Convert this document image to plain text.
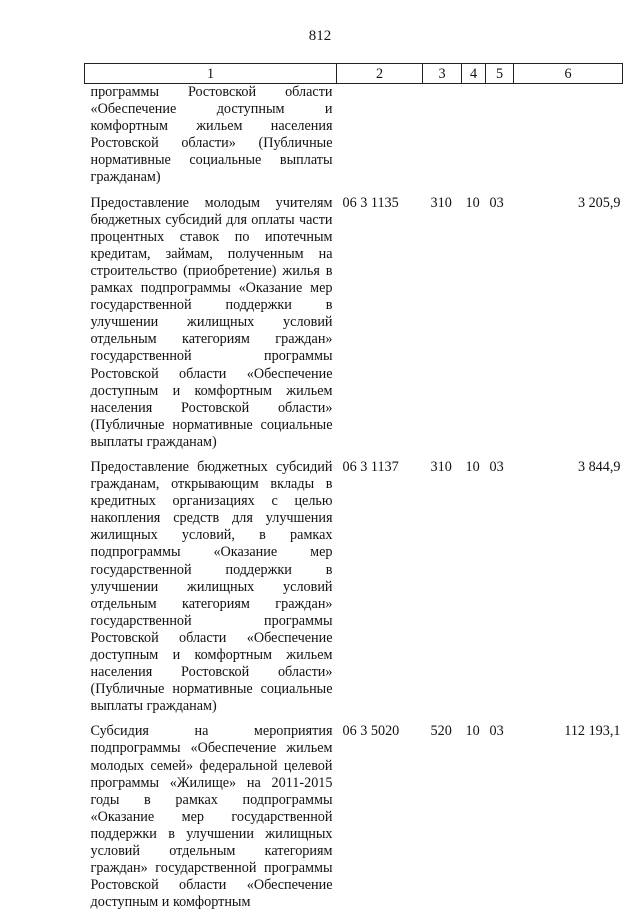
812
1	2	3	4	5	6
программы Ростовской области «Обеспечение доступным и комфортным жильем населения Ростовской области» (Публичные нормативные социальные выплаты гражданам)					
Предоставление молодым учителям бюджетных субсидий для оплаты части процентных ставок по ипотечным кредитам, займам, полученным на строительство (приобретение) жилья в рамках подпрограммы «Оказание мер государственной поддержки в улучшении жилищных условий отдельным категориям граждан» государственной программы Ростовской области «Обеспечение доступным и комфортным жильем населения Ростовской области» (Публичные нормативные социальные выплаты гражданам)	06 3 1135	310	10	03	3 205,9
Предоставление бюджетных субсидий гражданам, открывающим вклады в кредитных организациях с целью накопления средств для улучшения жилищных условий, в рамках подпрограммы «Оказание мер государственной поддержки в улучшении жилищных условий отдельным категориям граждан» государственной программы Ростовской области «Обеспечение доступным и комфортным жильем населения Ростовской области» (Публичные нормативные социальные выплаты гражданам)	06 3 1137	310	10	03	3 844,9
Субсидия на мероприятия подпрограммы «Обеспечение жильем молодых семей» федеральной целевой программы «Жилище» на 2011-2015 годы в рамках подпрограммы «Оказание мер государственной поддержки в улучшении жилищных условий отдельным категориям граждан» государственной программы Ростовской области «Обеспечение доступным и комфортным	06 3 5020	520	10	03	112 193,1
